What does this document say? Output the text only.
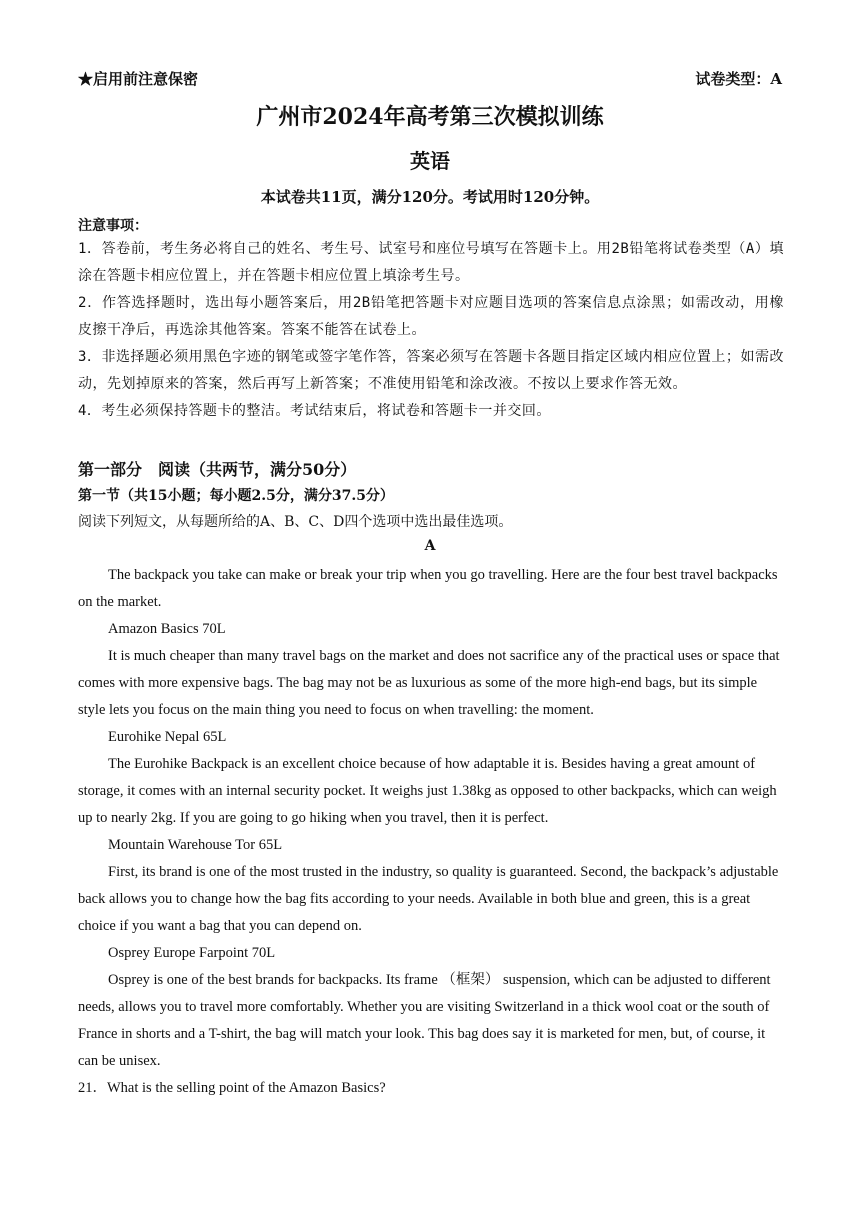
★启用前注意保密	试卷类型：A
广州市2024年高考第三次模拟训练
英语
本试卷共11页，满分120分。考试用时120分钟。
注意事项：

1．答卷前，考生务必将自己的姓名、考生号、试室号和座位号填写在答题卡上。用2B铅笔将试卷类型（A）填涂在答题卡相应位置上，并在答题卡相应位置上填涂考生号。

2．作答选择题时，选出每小题答案后，用2B铅笔把答题卡对应题目选项的答案信息点涂黑；如需改动，用橡皮擦干净后，再选涂其他答案。答案不能答在试卷上。

3．非选择题必须用黑色字迹的钢笔或签字笔作答，答案必须写在答题卡各题目指定区域内相应位置上；如需改动，先划掉原来的答案，然后再写上新答案；不准使用铅笔和涂改液。不按以上要求作答无效。

4．考生必须保持答题卡的整洁。考试结束后，将试卷和答题卡一并交回。

第一部分　阅读（共两节，满分50分）
第一节（共15小题；每小题2.5分，满分37.5分）
阅读下列短文，从每题所给的A、B、C、D四个选项中选出最佳选项。
A

The backpack you take can make or break your trip when you go travelling. Here are the four best travel backpacks on the market.

Amazon Basics 70L

It is much cheaper than many travel bags on the market and does not sacrifice any of the practical uses or space that comes with more expensive bags. The bag may not be as luxurious as some of the more high-end bags, but its simple style lets you focus on the main thing you need to focus on when travelling: the moment.

Eurohike Nepal 65L

The Eurohike Backpack is an excellent choice because of how adaptable it is. Besides having a great amount of storage, it comes with an internal security pocket. It weighs just 1.38kg as opposed to other backpacks, which can weigh up to nearly 2kg. If you are going to go hiking when you travel, then it is perfect.

Mountain Warehouse Tor 65L

First, its brand is one of the most trusted in the industry, so quality is guaranteed. Second, the backpack’s adjustable back allows you to change how the bag fits according to your needs. Available in both blue and green, this is a great choice if you want a bag that you can depend on.

Osprey Europe Farpoint 70L

Osprey is one of the best brands for backpacks. Its frame （框架） suspension, which can be adjusted to different needs, allows you to travel more comfortably. Whether you are visiting Switzerland in a thick wool coat or the south of France in shorts and a T-shirt, the bag will match your look. This bag does say it is marketed for men, but, of course, it can be unisex.

21．What is the selling point of the Amazon Basics?
